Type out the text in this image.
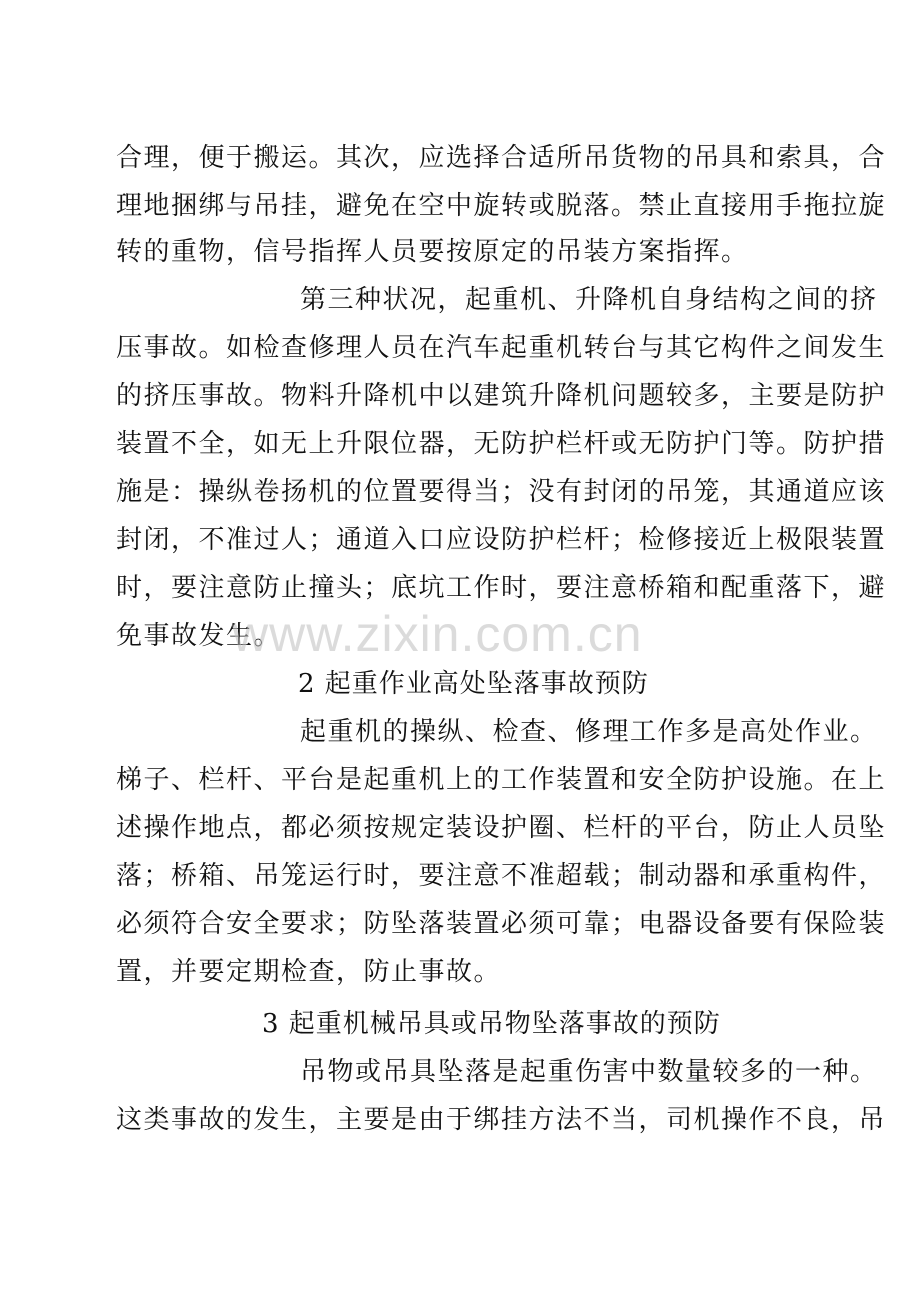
合理，便于搬运。其次，应选择合适所吊货物的吊具和索具，合
理地捆绑与吊挂，避免在空中旋转或脱落。禁止直接用手拖拉旋
转的重物，信号指挥人员要按原定的吊装方案指挥。
第三种状况，起重机、升降机自身结构之间的挤
压事故。如检查修理人员在汽车起重机转台与其它构件之间发生
的挤压事故。物料升降机中以建筑升降机问题较多，主要是防护
装置不全，如无上升限位器，无防护栏杆或无防护门等。防护措
施是：操纵卷扬机的位置要得当；没有封闭的吊笼，其通道应该
封闭，不准过人；通道入口应设防护栏杆；检修接近上极限装置
时，要注意防止撞头；底坑工作时，要注意桥箱和配重落下，避
免事故发生。
2 起重作业高处坠落事故预防
起重机的操纵、检查、修理工作多是高处作业。
梯子、栏杆、平台是起重机上的工作装置和安全防护设施。在上
述操作地点，都必须按规定装设护圈、栏杆的平台，防止人员坠
落；桥箱、吊笼运行时，要注意不准超载；制动器和承重构件，
必须符合安全要求；防坠落装置必须可靠；电器设备要有保险装
置，并要定期检查，防止事故。
3 起重机械吊具或吊物坠落事故的预防
吊物或吊具坠落是起重伤害中数量较多的一种。
这类事故的发生，主要是由于绑挂方法不当，司机操作不良，吊
www.zixin.com.cn
